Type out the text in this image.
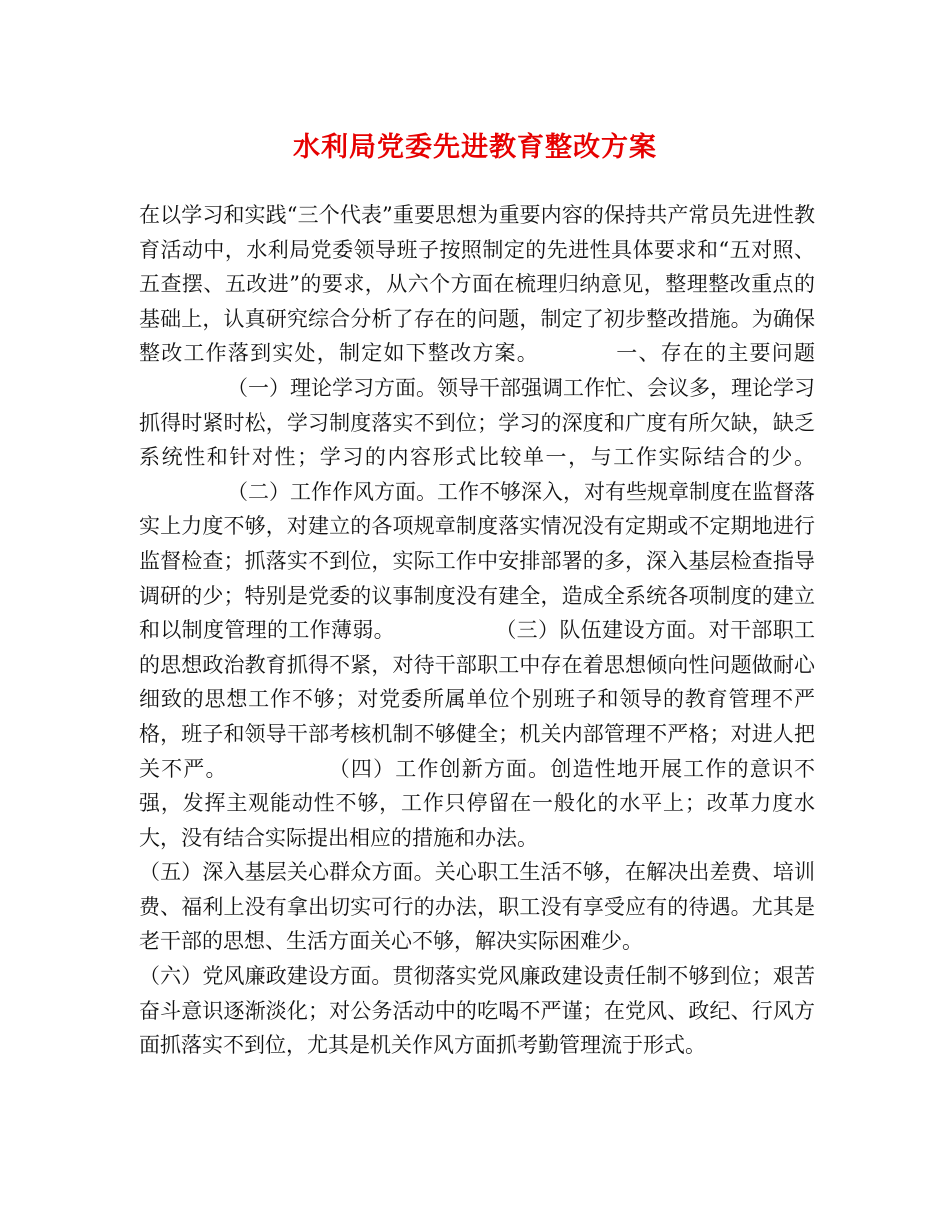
水利局党委先进教育整改方案

在以学习和实践“三个代表”重要思想为重要内容的保持共产常员先进性教育活动中，水利局党委领导班子按照制定的先进性具体要求和“五对照、五查摆、五改进”的要求，从六个方面在梳理归纳意见，整理整改重点的基础上，认真研究综合分析了存在的问题，制定了初步整改措施。为确保整改工作落到实处，制定如下整改方案。	一、存在的主要问题（一）理论学习方面。领导干部强调工作忙、会议多，理论学习抓得时紧时松，学习制度落实不到位；学习的深度和广度有所欠缺，缺乏系统性和针对性；学习的内容形式比较单一，与工作实际结合的少。（二）工作作风方面。工作不够深入，对有些规章制度在监督落实上力度不够，对建立的各项规章制度落实情况没有定期或不定期地进行监督检查；抓落实不到位，实际工作中安排部署的多，深入基层检查指导调研的少；特别是党委的议事制度没有建全，造成全系统各项制度的建立和以制度管理的工作薄弱。	（三）队伍建设方面。对干部职工的思想政治教育抓得不紧，对待干部职工中存在着思想倾向性问题做耐心细致的思想工作不够；对党委所属单位个别班子和领导的教育管理不严格，班子和领导干部考核机制不够健全；机关内部管理不严格；对进人把关不严。	（四）工作创新方面。创造性地开展工作的意识不强，发挥主观能动性不够，工作只停留在一般化的水平上；改革力度水大，没有结合实际提出相应的措施和办法。

（五）深入基层关心群众方面。关心职工生活不够，在解决出差费、培训费、福利上没有拿出切实可行的办法，职工没有享受应有的待遇。尤其是老干部的思想、生活方面关心不够，解决实际困难少。

（六）党风廉政建设方面。贯彻落实党风廉政建设责任制不够到位；艰苦奋斗意识逐渐淡化；对公务活动中的吃喝不严谨；在党风、政纪、行风方面抓落实不到位，尤其是机关作风方面抓考勤管理流于形式。
